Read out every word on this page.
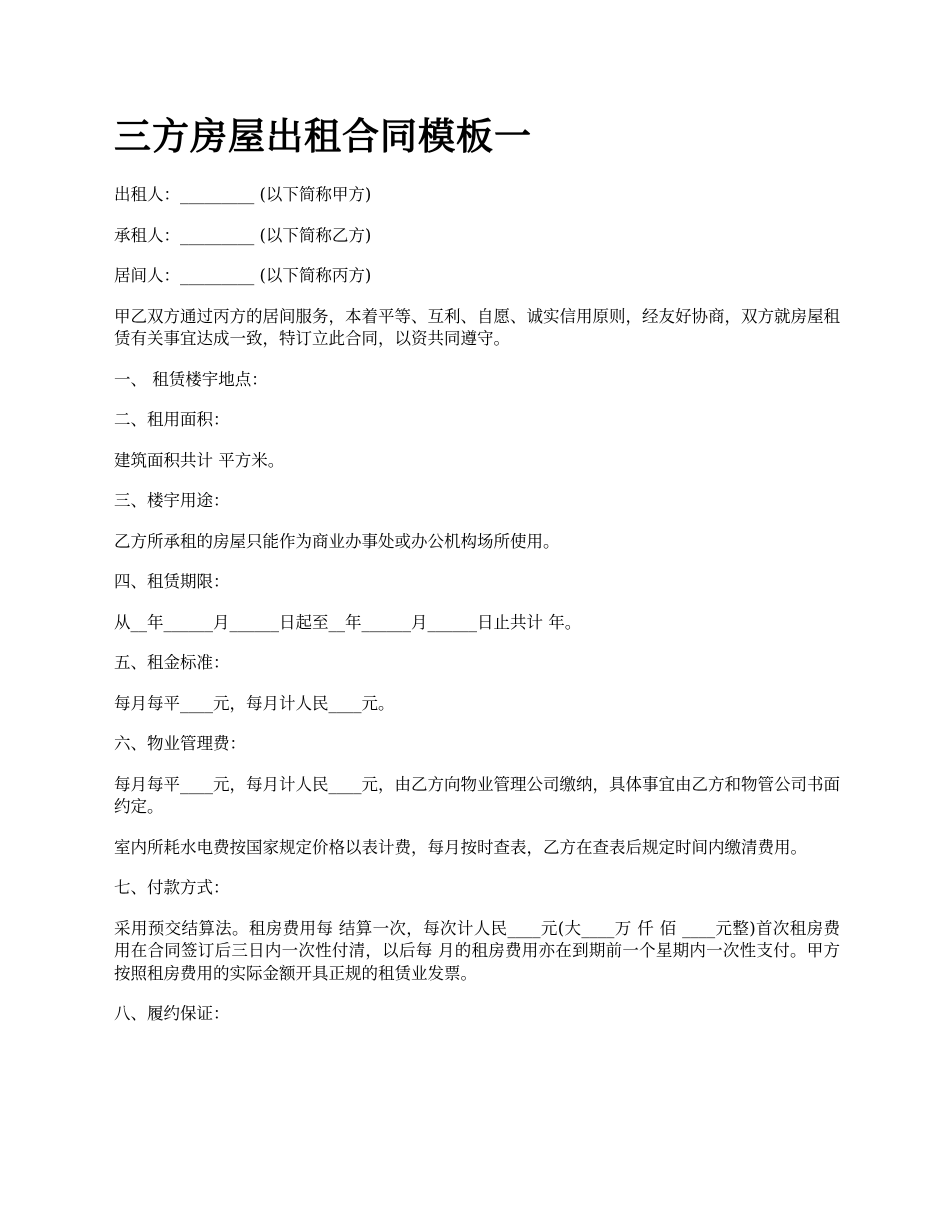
三方房屋出租合同模板一

出租人：_________ (以下简称甲方)

承租人：_________ (以下简称乙方)

居间人：_________ (以下简称丙方)

甲乙双方通过丙方的居间服务，本着平等、互利、自愿、诚实信用原则，经友好协商，双方就房屋租赁有关事宜达成一致，特订立此合同，以资共同遵守。

一、 租赁楼宇地点：

二、租用面积：

建筑面积共计 平方米。

三、楼宇用途：

乙方所承租的房屋只能作为商业办事处或办公机构场所使用。

四、租赁期限：

从__年______月______日起至__年______月______日止共计 年。

五、租金标准：

每月每平____元，每月计人民____元。

六、物业管理费：

每月每平____元，每月计人民____元，由乙方向物业管理公司缴纳，具体事宜由乙方和物管公司书面约定。

室内所耗水电费按国家规定价格以表计费，每月按时查表，乙方在查表后规定时间内缴清费用。

七、付款方式：

采用预交结算法。租房费用每 结算一次，每次计人民____元(大____万 仟 佰 ____元整)首次租房费用在合同签订后三日内一次性付清，以后每 月的租房费用亦在到期前一个星期内一次性支付。甲方按照租房费用的实际金额开具正规的租赁业发票。

八、履约保证：
